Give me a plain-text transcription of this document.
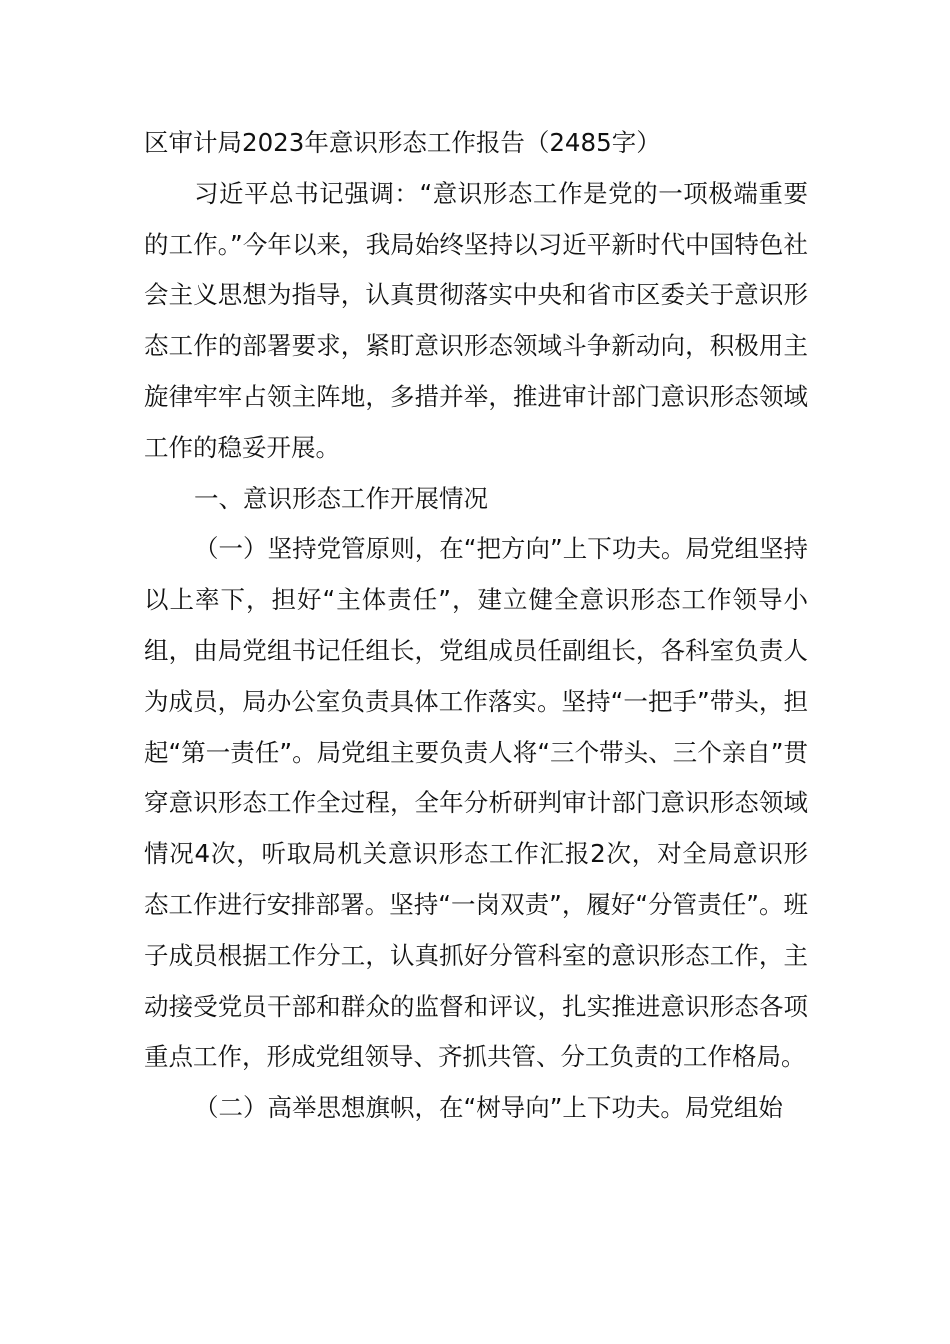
区审计局2023年意识形态工作报告（2485字）

习近平总书记强调：“意识形态工作是党的一项极端重要的工作。”今年以来，我局始终坚持以习近平新时代中国特色社会主义思想为指导，认真贯彻落实中央和省市区委关于意识形态工作的部署要求，紧盯意识形态领域斗争新动向，积极用主旋律牢牢占领主阵地，多措并举，推进审计部门意识形态领域工作的稳妥开展。

一、意识形态工作开展情况

（一）坚持党管原则，在“把方向”上下功夫。局党组坚持以上率下，担好“主体责任”，建立健全意识形态工作领导小组，由局党组书记任组长，党组成员任副组长，各科室负责人为成员，局办公室负责具体工作落实。坚持“一把手”带头，担起“第一责任”。局党组主要负责人将“三个带头、三个亲自”贯穿意识形态工作全过程，全年分析研判审计部门意识形态领域情况4次，听取局机关意识形态工作汇报2次，对全局意识形态工作进行安排部署。坚持“一岗双责”，履好“分管责任”。班子成员根据工作分工，认真抓好分管科室的意识形态工作，主动接受党员干部和群众的监督和评议，扎实推进意识形态各项重点工作，形成党组领导、齐抓共管、分工负责的工作格局。

（二）高举思想旗帜，在“树导向”上下功夫。局党组始
